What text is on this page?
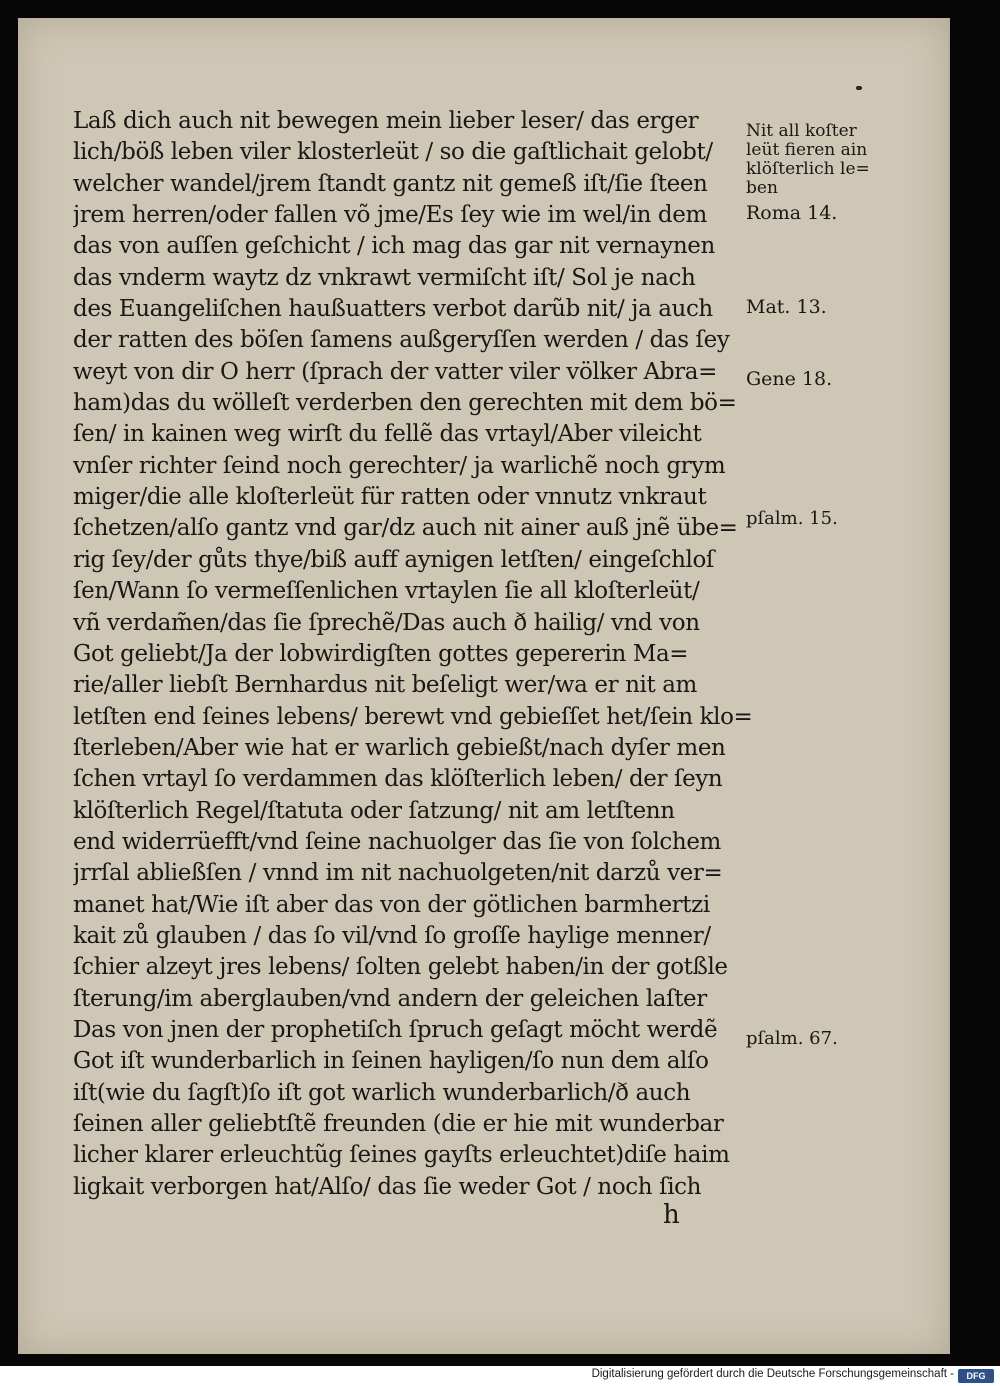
Laß dich auch nit bewegen mein lieber leser/ das erger
lich/böß leben viler klosterleüt / so die gaſtlichait gelobt/
welcher wandel/jrem ſtandt gantz nit gemeß iſt/ſie ſteen
jrem herren/oder fallen võ jme/Es ſey wie im wel/in dem
das von auſſen geſchicht / ich mag das gar nit vernaynen
das vnderm waytz dz vnkrawt vermiſcht iſt/ Sol je nach
des Euangeliſchen haußuatters verbot darũb nit/ ja auch
der ratten des böſen ſamens außgeryſſen werden / das ſey
weyt von dir O herr (ſprach der vatter viler völker Abra=
ham)das du wölleſt verderben den gerechten mit dem bö=
ſen/ in kainen weg wirſt du fellẽ das vrtayl/Aber vileicht
vnſer richter ſeind noch gerechter/ ja warlichẽ noch grym
miger/die alle kloſterleüt für ratten oder vnnutz vnkraut
ſchetzen/alſo gantz vnd gar/dz auch nit ainer auß jnẽ übe=
rig ſey/der gůts thye/biß auff aynigen letſten/ eingeſchloſ
ſen/Wann ſo vermeſſenlichen vrtaylen ſie all kloſterleüt/
vñ verdam̃en/das ſie ſprechẽ/Das auch ð hailig/ vnd von
Got geliebt/Ja der lobwirdigſten gottes gepererin Ma=
rie/aller liebſt Bernhardus nit beſeligt wer/wa er nit am
letſten end ſeines lebens/ berewt vnd gebieſſet het/ſein klo=
ſterleben/Aber wie hat er warlich gebießt/nach dyſer men
ſchen vrtayl ſo verdammen das klöſterlich leben/ der ſeyn
klöſterlich Regel/ſtatuta oder ſatzung/ nit am letſtenn
end widerrüefft/vnd ſeine nachuolger das ſie von ſolchem
jrrſal abließſen / vnnd im nit nachuolgeten/nit darzů ver=
manet hat/Wie iſt aber das von der götlichen barmhertzi
kait zů glauben / das ſo vil/vnd ſo groſſe haylige menner/
ſchier alzeyt jres lebens/ ſolten gelebt haben/in der gotßle
ſterung/im aberglauben/vnd andern der geleichen laſter
Das von jnen der prophetiſch ſpruch geſagt möcht werdẽ
Got iſt wunderbarlich in ſeinen hayligen/ſo nun dem alſo
iſt(wie du ſagſt)ſo iſt got warlich wunderbarlich/ð auch
ſeinen aller geliebtſtẽ freunden (die er hie mit wunderbar
licher klarer erleuchtũg ſeines gayſts erleuchtet)diſe haim
ligkait verborgen hat/Alſo/ das ſie weder Got / noch ſich
Nit all koſter
leüt fieren ain
klöſterlich le=
ben
Roma 14.
Mat. 13.
Gene 18.
pſalm. 15.
pſalm. 67.
h
Digitalisierung gefördert durch die Deutsche Forschungsgemeinschaft -	DFG
